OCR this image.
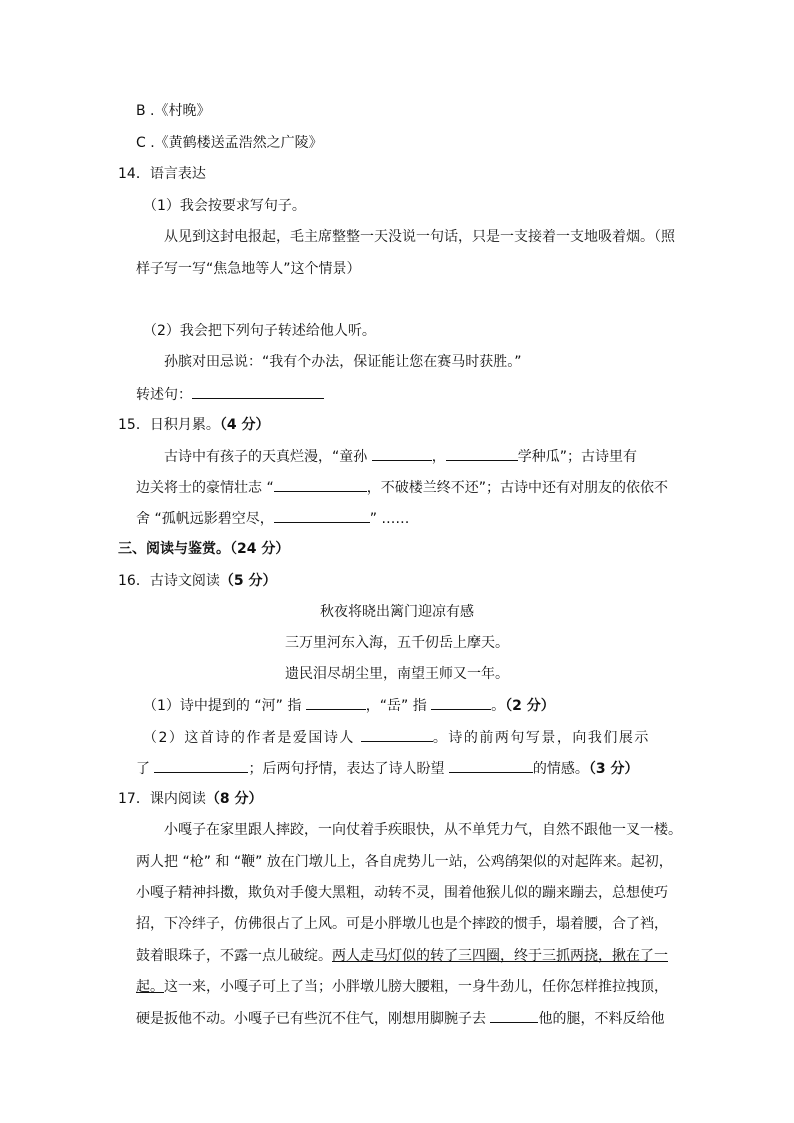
B .《村晚》
C .《黄鹤楼送孟浩然之广陵》
14．语言表达
（1）我会按要求写句子。
从见到这封电报起，毛主席整整一天没说一句话，只是一支接着一支地吸着烟。（照
样子写一写“焦急地等人”这个情景）
（2）我会把下列句子转述给他人听。
孙膑对田忌说：“我有个办法，保证能让您在赛马时获胜。”
转述句：
15．日积月累。（4 分）
古诗中有孩子的天真烂漫，“童孙	，	学种瓜”；古诗里有
边关将士的豪情壮志 “	，不破楼兰终不还”；古诗中还有对朋友的依依不
舍 “孤帆远影碧空尽，	” ……
三、阅读与鉴赏。（24 分）
16．古诗文阅读（5 分）
秋夜将晓出篱门迎凉有感
三万里河东入海，五千仞岳上摩天。
遗民泪尽胡尘里，南望王师又一年。
（1）诗中提到的 “河” 指	，“岳” 指	。（2 分）
（2）这首诗的作者是爱国诗人	。诗的前两句写景，向我们展示
了	；后两句抒情，表达了诗人盼望	的情感。（3 分）
17．课内阅读（8 分）
小嘎子在家里跟人摔跤，一向仗着手疾眼快，从不单凭力气，自然不跟他一叉一楼。
两人把 “枪” 和 “鞭” 放在门墩儿上，各自虎势儿一站，公鸡鹐架似的对起阵来。起初，
小嘎子精神抖擞，欺负对手傻大黑粗，动转不灵，围着他猴儿似的蹦来蹦去，总想使巧
招，下冷绊子，仿佛很占了上风。可是小胖墩儿也是个摔跤的惯手，塌着腰，合了裆，
鼓着眼珠子，不露一点儿破绽。两人走马灯似的转了三四圈，终于三抓两挠，揪在了一
起。这一来，小嘎子可上了当；小胖墩儿膀大腰粗，一身牛劲儿，任你怎样推拉拽顶，
硬是扳他不动。小嘎子已有些沉不住气，刚想用脚腕子去	他的腿，不料反给他
